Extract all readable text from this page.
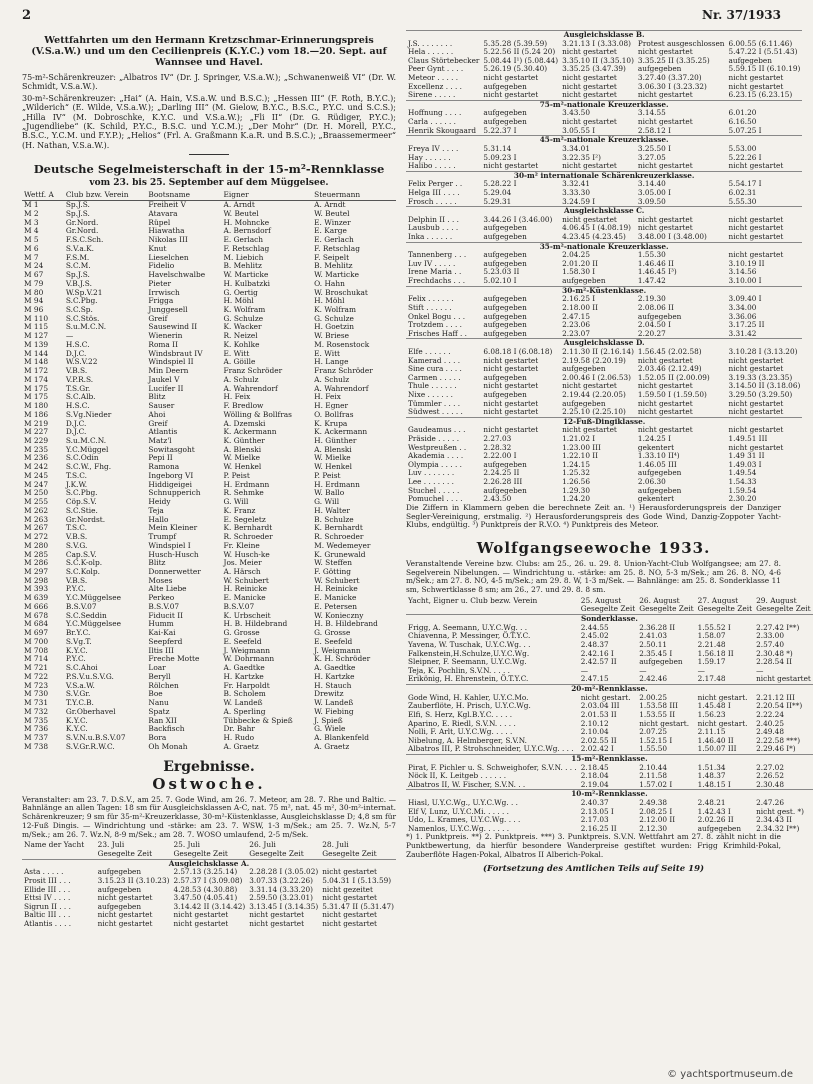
2	Nr. 37/1933
Wettfahrten um den Hermann Kretzschmar-Erinnerungspreis (V.S.a.W.) und um den Cecilienpreis (K.Y.C.) vom 18.—20. Sept. auf Wannsee und Havel.

75-m²-Schärenkreuzer: „Albatros IV“ (Dr. J. Springer, V.S.a.W.); „Schwanenweiß VI“ (Dr. W. Schmidt, V.S.a.W.).

30-m²-Schärenkreuzer: „Hai“ (A. Hain, V.S.a.W. und B.S.C.); „Hessen III“ (F. Roth, B.Y.C.); „Wilderich“ (E. Wilde, V.S.a.W.); „Darling III“ (M. Gielow, B.Y.C., B.S.C., P.Y.C. und S.C.S.); „Hilla IV“ (M. Dobroschke, K.Y.C. und V.S.a.W.); „Fli II“ (Dr. G. Rüdiger, P.Y.C.); „Jugendliebe“ (K. Schild, P.Y.C., B.S.C. und Y.C.M.); „Der Mohr“ (Dr. H. Morell, P.Y.C., B.S.C., Y.C.M. und F.Y.P.); „Helios“ (Frl. A. Graßmann K.a.R. und B.S.C.); „Braassemermeer“ (H. Nathan, V.S.a.W.).

Deutsche Segelmeisterschaft in der 15-m²-Rennklasse
vom 23. bis 25. September auf dem Müggelsee.
Wettf. A	Club bzw. Verein	Bootsname	Eigner	Steuermann
M 1	Sp.J.S.	Freiheit V	A. Arndt	A. Arndt
M 2	Sp.J.S.	Atavara	W. Beutel	W. Beutel
M 3	Gr.Nord.	Rüpel	H. Mohncke	E. Winzer
M 4	Gr.Nord.	Hiawatha	A. Bernsdorf	E. Karge
M 5	F.S.C.Sch.	Nikolas III	E. Gerlach	E. Gerlach
M 6	S.V.a.K.	Knut	F. Retschlag	F. Retschlag
M 7	F.S.M.	Lieselchen	M. Liebich	F. Seipelt
M 24	S.C.M.	Fidelio	B. Mehlitz	B. Mehlitz
M 67	Sp.J.S.	Havelschwalbe	W. Marticke	W. Marticke
M 79	V.B.J.S.	Pieter	H. Kulbatzki	O. Hahn
M 80	W.Sp.V.21	Irrwisch	G. Oertig	W. Broschukat
M 94	S.C.Pbg.	Frigga	H. Möhl	H. Möhl
M 96	S.C.Sp.	Junggesell	K. Wolfram	K. Wolfram
M 110	S.C.Stös.	Greif	G. Schulze	G. Schulze
M 115	S.u.M.C.N.	Sausewind II	K. Wacker	H. Goetzin
M 127	—	Wienerin	R. Neizel	W. Briese
M 139	H.S.C.	Roma II	K. Kohlke	M. Rosenstock
M 144	D.J.C.	Windsbraut IV	E. Witt	E. Witt
M 148	W.S.V.22	Windspiel II	A. Göille	H. Lange
M 172	V.B.S.	Min Deern	Franz Schröder	Franz Schröder
M 174	V.P.R.S.	Jaukel V	A. Schulz	A. Schulz
M 175	T.S.Gr.	Lucifer II	A. Wahrendorf	A. Wahrendorf
M 175	S.C.Alb.	Blitz	H. Feix	H. Feix
M 180	H.S.C.	Sauser	F. Bredlow	H. Egner
M 186	S.Vg.Nieder	Ahoi	Wölling & Bollfras	O. Bollfras
M 219	D.J.C.	Greif	A. Dzemski	K. Krupa
M 227	D.J.C.	Atlantis	K. Ackermann	K. Ackermann
M 229	S.u.M.C.N.	Matz'l	K. Günther	H. Günther
M 235	Y.C.Müggel	Sowitasgoht	A. Blenski	A. Blenski
M 236	S.C.Odin	Pepi II	W. Mielke	W. Mielke
M 242	S.C.W., Fhg.	Ramona	W. Henkel	W. Henkel
M 245	T.S.C.	Ingeborg VI	P. Peist	P. Peist
M 247	J.K.W.	Hiddigeigei	H. Erdmann	H. Erdmann
M 250	S.C.Pbg.	Schnupperich	R. Sehmke	W. Ballo
M 255	Cöp.S.V.	Heidy	G. Will	G. Will
M 262	S.C.Stie.	Teja	K. Franz	H. Walter
M 263	Gr.Nordst.	Hallo	E. Segeletz	B. Schulze
M 267	T.S.C.	Mein Kleiner	K. Bernhardt	K. Bernhardt
M 272	V.B.S.	Trumpf	R. Schroeder	R. Schroeder
M 280	S.V.G.	Windspiel I	Fr. Kleine	M. Wedemeyer
M 285	Cap.S.V.	Husch-Husch	W. Husch-ke	K. Grunewald
M 286	S.C.K-olp.	Blitz	Jos. Meier	W. Steffen
M 297	S.C.Kolp.	Donnerwetter	A. Härsch	F. Götting
M 298	V.B.S.	Moses	W. Schubert	W. Schubert
M 393	P.Y.C.	Alte Liebe	H. Reinicke	H. Reinicke
M 639	Y.C.Müggelsee	Perkeo	E. Manicke	E. Manicke
M 666	B.S.V.07	B.S.V.07	B.S.V.07	E. Petersen
M 678	S.C.Seddin	Fiducit II	K. Urbscheit	W. Konieczny
M 684	Y.C.Müggelsee	Humm	H. B. Hildebrand	H. B. Hildebrand
M 697	Br.Y.C.	Kai-Kai	G. Grosse	G. Grosse
M 700	S.Vg.T.	Seepferd	E. Seefeld	E. Seefeld
M 708	K.Y.C.	Iltis III	J. Weigmann	J. Weigmann
M 714	P.Y.C.	Freche Motte	W. Dohrmann	K. H. Schröder
M 721	S.C.Ahoi	Loar	A. Gaedtke	A. Gaedtke
M 722	P.S.V.u.S.V.G.	Beryll	H. Kartzke	H. Kartzke
M 723	V.S.a.W.	Rölchen	Fr. Harpoldt	H. Stauch
M 730	S.V.Gr.	Boe	B. Scholem	Drewitz
M 731	T.Y.C.B.	Nanu	W. Landeß	W. Landeß
M 732	Gr.Oberhavel	Spatz	A. Sperling	W. Fiebing
M 735	K.Y.C.	Ran XII	Tübbecke & Spieß	J. Spieß
M 736	K.Y.C.	Backfisch	Dr. Bahr	G. Wiele
M 737	S.V.N.u.B.S.V.07	Bora	H. Rudo	A. Blankenfeld
M 738	S.V.Gr.R.W.C.	Oh Monah	A. Graetz	A. Graetz
Ergebnisse.
Ostwoche.

Veranstalter: am 23. 7. D.S.V., am 25. 7. Gode Wind, am 26. 7. Meteor, am 28. 7. Rhe und Baltic. — Bahnlänge an allen Tagen: 18 sm für Ausgleichsklassen A-C, nat. 75 m², nat. 45 m², 30-m²-internat. Schärenkreuzer; 9 sm für 35-m²-Kreuzerklasse, 30-m²-Küstenklasse, Ausgleichsklasse D; 4,8 sm für 12-Fuß Dingis. — Windrichtung und -stärke: am 23. 7. WSW, 1-3 m/Sek.; am 25. 7. Wz.N, 5-7 m/Sek.; am 26. 7. Wz.N, 8-9 m/Sek.; am 28. 7. WOSO umlaufend, 2-5 m/Sek.

Name der Yacht	23. Juli	25. Juli	26. Juli	28. Juli
	Gesegelte Zeit	Gesegelte Zeit	Gesegelte Zeit	Gesegelte Zeit
Ausgleichsklasse A.				
Asta . . . . .	aufgegeben	2.57.13 (3.25.14)	2.28.28 I (3.05.02)	nicht gestartet
Prosit III . . .	3.15.23 II (3.10.23)	2.57.37 I (3.09.08)	3.07.33 (3.22.26)	5.04.31 I (5.13.59)
Ellide III . . .	aufgegeben	4.28.53 (4.30.88)	3.31.14 (3.33.20)	nicht gezeitet
Ettsi IV . . . .	nicht gestartet	3.47.50 (4.05.41)	2.59.50 (3.23.01)	nicht gestartet
Sigrun II . . .	aufgegeben	3.14.42 II (3.14.42)	3.13.45 I (3.14.35)	5.31.47 II (5.31.47)
Baltic III . . .	nicht gestartet	nicht gestartet	nicht gestartet	nicht gestartet
Atlantis . . . .	nicht gestartet	nicht gestartet	nicht gestartet	nicht gestartet
Ausgleichsklasse B.				
J.S. . . . . . . .	5.35.28 (5.39.59)	3.21.13 I (3.33.08)	Protest ausgeschlossen	6.00.55 (6.11.46)
Hela . . . . . .	5.22.56 II (5.24 20)	nicht gestartet	nicht gestartet	5.47.22 I (5.51.43)
Claus Störtebecker	5.08.44 I¹) (5.08.44)	3.35.10 II (3.35.10)	3.35.25 II (3.35.25)	aufgegeben
Peer Gynt . . . .	5.26.19 (5.30.40)	3.35.25 (3.47.39)	aufgegeben	5.59.15 II (6.10.19)
Meteor . . . . .	nicht gestartet	nicht gestartet	3.27.40 (3.37.20)	nicht gestartet
Excellenz . . . .	aufgegeben	nicht gestartet	3.06.30 I (3.23.32)	nicht gestartet
Sirene . . . . .	nicht gestartet	nicht gestartet	nicht gestartet	6.23.15 (6.23.15)
75-m²-nationale Kreuzerklasse.				
Hoffnung . . . .	aufgegeben	3.43.50	3.14.55	6.01.20
Carla . . . . . .	aufgegeben	nicht gestartet	nicht gestartet	6.16.50
Henrik Skougaard	5.22.37 I	3.05.55 I	2.58.12 I	5.07.25 I
45-m²-nationale Kreuzerklasse.				
Freya IV . . . .	5.31.14	3.34.01	3.25.50 I	5.53.00
Hay . . . . . .	5.09.23 I	3.22.35 I²)	3.27.05	5.22.26 I
Halibo . . . . .	nicht gestartet	nicht gestartet	nicht gestartet	nicht gestartet
30-m² internationale Schärenkreuzerklasse.				
Felix Perger . .	5.28.22 I	3.32.41	3.14.40	5.54.17 I
Helga III . . . .	5.29.04	3.33.30	3.05.00 I	6.02.31
Frosch . . . . .	5.29.31	3.24.59 I	3.09.50	5.55.30
Ausgleichsklasse C.				
Delphin II . . .	3.44.26 I (3.46.00)	nicht gestartet	nicht gestartet	nicht gestartet
Lausbub . . . .	aufgegeben	4.06.45 I (4.08.19)	nicht gestartet	nicht gestartet
Inka . . . . . .	aufgegeben	4.23.45 (4.23.45)	3.48.00 I (3.48.00)	nicht gestartet
35-m²-nationale Kreuzerklasse.				
Tannenberg . . .	aufgegeben	2.04.25	1.55.30	nicht gestartet
Luv IV . . . . .	aufgegeben	2.01.20 II	1.46.46 II	3.10.19 II
Irene Maria . .	5.23.03 II	1.58.30 I	1.46.45 I³)	3.14.56
Frechdachs . . .	5.02.10 I	aufgegeben	1.47.42	3.10.00 I
30-m²-Küstenklasse.				
Felix . . . . . .	aufgegeben	2.16.25 I	2.19.30	3.09.40 I
Stift . . . . . .	aufgegeben	2.18.00 II	2.08.06 II	3.34.00
Onkel Bogu . . .	aufgegeben	2.47.15	aufgegeben	3.36.06
Trotzdem . . . .	aufgegeben	2.23.06	2.04.50 I	3.17.25 II
Frisches Haff . .	aufgegeben	2.23.07	2.20.27	3.31.42
Ausgleichsklasse D.				
Elfe . . . . . .	6.08.18 I (6.08.18)	2.11.30 II (2.16.14)	1.56.45 (2.02.58)	3.10.28 I (3.13.20)
Kamerad . . . .	nicht gestartet	2.19.58 (2.20.19)	nicht gestartet	nicht gestartet
Sine cura . . . .	nicht gestartet	aufgegeben	2.03.46 (2.12.49)	nicht gestartet
Carmen . . . . .	aufgegeben	2.00.46 I (2.06.53)	1.52.05 II (2.00.09)	3.19.33 (3.23.35)
Thule . . . . . .	nicht gestartet	nicht gestartet	nicht gestartet	3.14.50 II (3.18.06)
Nixe . . . . . .	aufgegeben	2.19.44 (2.20.05)	1.59.50 I (1.59.50)	3.29.50 (3.29.50)
Tümmler . . . .	nicht gestartet	aufgegeben	nicht gestartet	nicht gestartet
Südwest . . . . .	nicht gestartet	2.25.10 (2.25.10)	nicht gestartet	nicht gestartet
12-Fuß-Dingiklasse.				
Gaudeamus . . .	nicht gestartet	nicht gestartet	nicht gestartet	nicht gestartet
Präside . . . . .	2.27.03	1.21.02 I	1.24.25 I	1.49.51 III
Westpreußen . .	2.28.32	1.23.00 III	gekentert	nicht gestartet
Akademia . . . .	2.22.00 I	1.22.10 II	1.33.10 II⁴)	1.49 31 II
Olympia . . . . .	aufgegeben	1.24.15	1.46.05 III	1.49.03 I
Luv . . . . . . .	2.24.25 II	1.25.32	aufgegeben	1.49.54
Lee . . . . . . .	2.26.28 III	1.26.56	2.06.30	1.54.33
Stuchel . . . . .	aufgegeben	1.29.30	aufgegeben	1.59.54
Pomuchel . . . .	2.43.50	1.24.20	gekentert	2.30.20

Die Ziffern in Klammern geben die berechnete Zeit an. ¹) Herausforderungspreis der Danziger Segler-Vereinigung, erstmalig. ²) Herausforderungspreis des Gode Wind, Danzig-Zoppoter Yacht-Klubs, endgültig. ³) Punktpreis der R.V.O. ⁴) Punktpreis des Meteor.

Wolfgangseewoche 1933.

Veranstaltende Vereine bzw. Clubs: am 25., 26. u. 29. 8. Union-Yacht-Club Wolfgangsee; am 27. 8. Segelverein Nibelungen. — Windrichtung u. -stärke: am 25. 8. NO, 5-3 m/Sek.; am 26. 8. NO, 4-6 m/Sek.; am 27. 8. NO, 4-5 m/Sek.; am 29. 8. W, 1-3 m/Sek. — Bahnlänge: am 25. 8. Sonderklasse 11 sm, Schwertklasse 8 sm; am 26., 27. und 29. 8. 8 sm.

Yacht, Eigner u. Club bezw. Verein	25. August	26. August	27. August	29. August
	Gesegelte Zeit	Gesegelte Zeit	Gesegelte Zeit	Gesegelte Zeit
Sonderklasse.				
Frigg, A. Seemann, U.Y.C.Wg. . .	2.44.55	2.36.28 II	1.55.52 I	2.27.42 I**)
Chiavenna, P. Messinger, Ö.T.Y.C.	2.45.02	2.41.03	1.58.07	2.33.00
Yavena, W. Tuschak, U.Y.C.Wg. . .	2.48.37	2.50.11	2.21.48	2.57.40
Falkenstein,H.Schulze,U.Y.C.Wg.	2.42.16 I	2.35.45 I	1.56.18 II	2.30.48 *)
Sleipner, F. Seemann, U.Y.C.Wg.	2.42.57 II	aufgegeben	1.59.17	2.28.54 II
Teja, K. Pochlin, S.V.N. . . . .	—	—	—	—
Erikönig, H. Ehrenstein, Ö.T.Y.C.	2.47.15	2.42.46	2.17.48	nicht gestartet
20-m²-Rennklasse.				
Gode Wind, H. Kahler, U.Y.C.Mo.	nicht gestart.	2.00.25	nicht gestart.	2.21.12 III
Zauberflöte, H. Prisch, U.Y.C.Wg.	2.03.04 III	1.53.58 III	1.45.48 I	2.20.54 II**)
Elfi, S. Herz, Kgl.B.Y.C. . . . .	2.01.53 II	1.53.55 II	1.56.23	2.22.24
Aparino, E. Riedl, S.V.N. . . . .	2.10.12	nicht gestart.	nicht gestart.	2.40.25
Nolli, F. Arlt, U.Y.C.Wg. . . . .	2.10.04	2.07.25	2.11.15	2.49.48
Nibelung, A. Helmberger, S.V.N.	2.02.55 II	1.52.15 I	1.46.40 II	2.22.58 ***)
Albatros III, P. Strohschneider, U.Y.C.Wg. . . .	2.02.42 I	1.55.50	1.50.07 III	2.29.46 I*)
15-m²-Rennklasse.				
Pirat, F. Pichler u. S. Schweighofer, S.V.N. . . .	2.18.45	2.10.44	1.51.34	2.27.02
Nöck II, K. Leitgeb . . . . . .	2.18.04	2.11.58	1.48.37	2.26.52
Albatros II, W. Fischer, S.V.N. . .	2.19.04	1.57.02 I	1.48.15 I	2.30.48
10-m²-Rennklasse.				
Hiasl, U.Y.C.Wg., U.Y.C.Wg. . .	2.40.37	2.49.38	2.48.21	2.47.26
Elf V, Lunz, U.Y.C.Mi. . . . . .	2.13.05 I	2.08.25 I	1.42.43 I	nicht gest. *)
Udo, L. Krames, U.Y.C.Wg. . . .	2.17.03	2.12.00 II	2.02.26 II	2.34.43 II
Namenlos, U.Y.C.Wg. . . . . .	2.16.25 II	2.12.30	aufgegeben	2.34.32 I**)

*) 1. Punktpreis. **) 2. Punktpreis. ***) 3. Punktpreis. S.V.N. Wettfahrt am 27. 8. zählt nicht in die Punktbewertung, da hierfür besondere Wanderpreise gestiftet wurden: Frigg Krimhild-Pokal, Zauberflöte Hagen-Pokal, Albatros II Alberich-Pokal.

(Fortsetzung des Amtlichen Teils auf Seite 19)
© yachtsportmuseum.de
